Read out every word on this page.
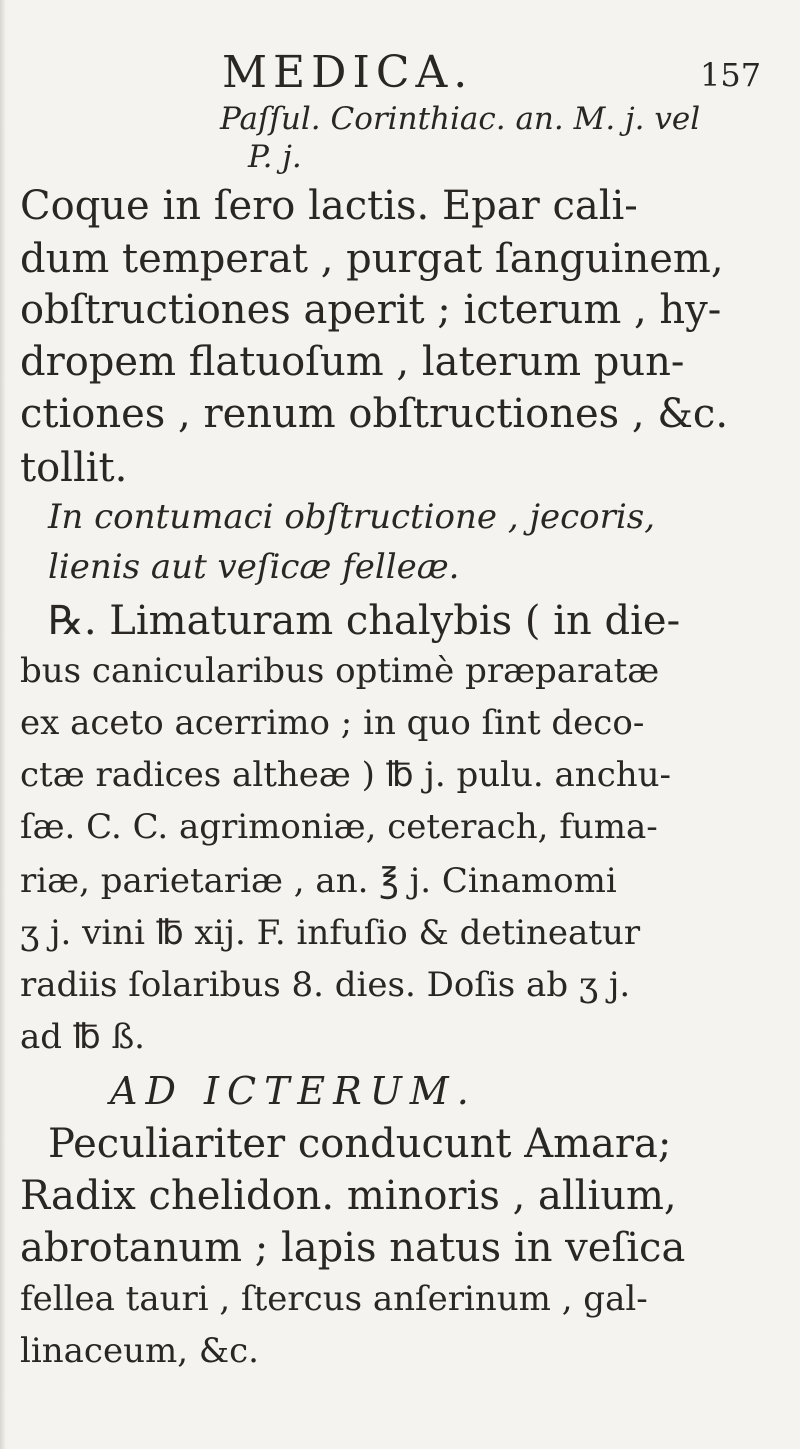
MEDICA.	157
Paſſul. Corinthiac. an. M. j. vel
P. j.
Coque in ſero lactis. Epar cali-
dum temperat , purgat ſanguinem,
obſtructiones aperit ; icterum , hy-
dropem flatuoſum , laterum pun-
ctiones , renum obſtructiones , &c.
tollit.
In contumaci obſtructione , jecoris,
lienis aut veſicæ felleæ.
℞. Limaturam chalybis ( in die-
bus canicularibus optimè præparatæ
ex aceto acerrimo ; in quo ſint deco-
ctæ radices altheæ ) ℔ j. pulu. anchu-
ſæ. C. C. agrimoniæ, ceterach, fuma-
riæ, parietariæ , an. ℥ j. Cinamomi
ʒ j. vini ℔ xij. F. infuſio & detineatur
radiis ſolaribus 8. dies. Doſis ab ʒ j.
ad ℔ ß.
AD ICTERUM.
Peculiariter conducunt Amara;
Radix chelidon. minoris , allium,
abrotanum ; lapis natus in veſica
fellea tauri , ſtercus anſerinum , gal-
linaceum, &c.
